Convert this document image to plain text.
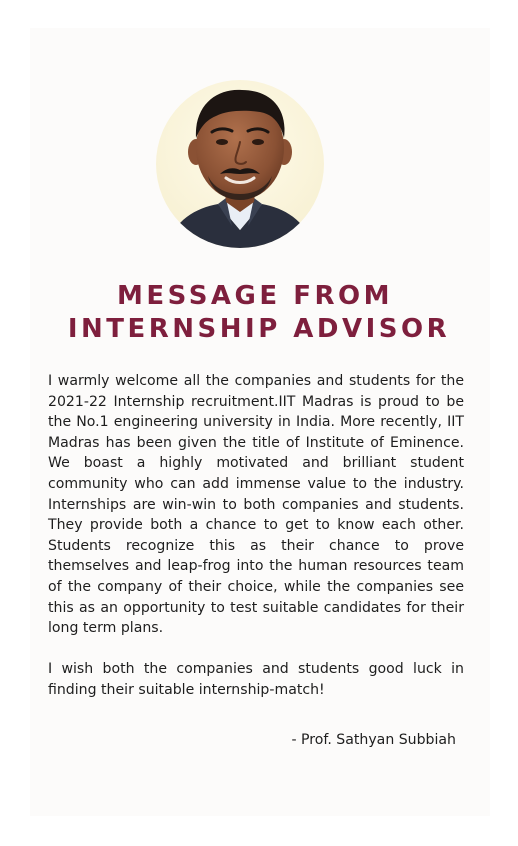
MESSAGE FROM
INTERNSHIP ADVISOR

I warmly welcome all the companies and students for the 2021-22 Internship recruitment.IIT Madras is proud to be the No.1 engineering university in India. More recently, IIT Madras has been given the title of Institute of Eminence. We boast a highly motivated and brilliant student community who can add immense value to the industry. Internships are win-win to both companies and students. They provide both a chance to get to know each other. Students recognize this as their chance to prove themselves and leap-frog into the human resources team of the company of their choice, while the companies see this as an opportunity to test suitable candidates for their long term plans.

I wish both the companies and students good luck in finding their suitable internship-match!

- Prof. Sathyan Subbiah
